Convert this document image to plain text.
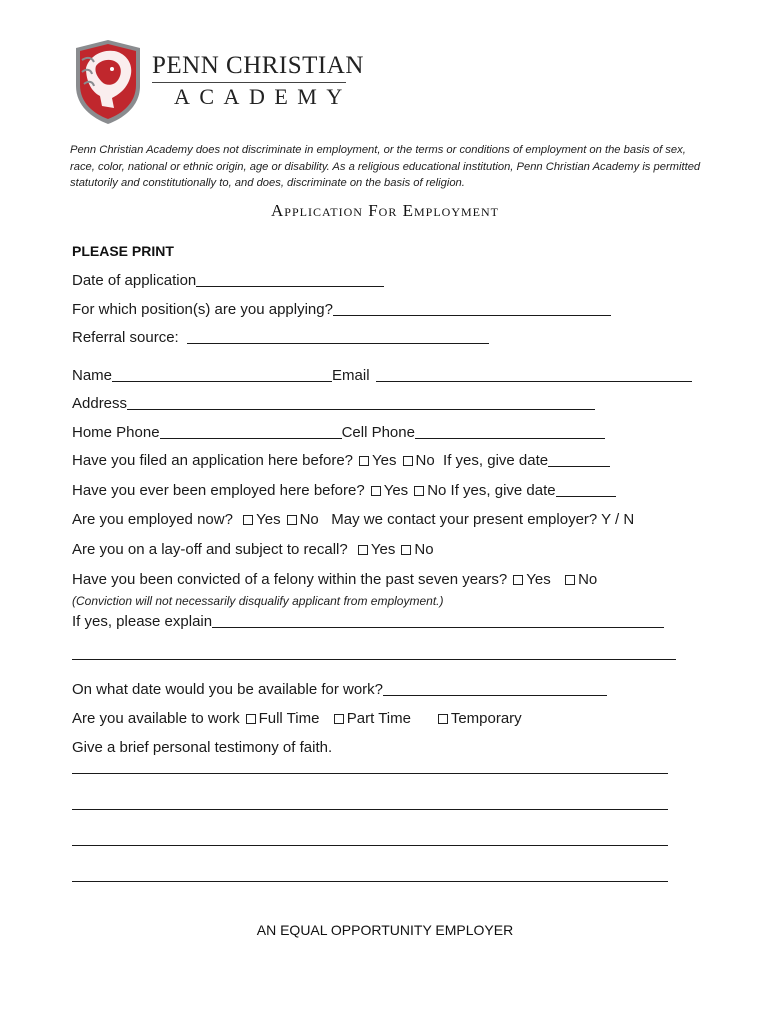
PENN CHRISTIAN
ACADEMY
Penn Christian Academy does not discriminate in employment, or the terms or conditions of employment on the basis of sex, race, color, national or ethnic origin, age or disability. As a religious educational institution, Penn Christian Academy is permitted statutorily and constitutionally to, and does, discriminate on the basis of religion.
Application For Employment
PLEASE PRINT
Date of application
For which position(s) are you applying?
Referral source:
Name	Email
Address
Home Phone	Cell Phone
Have you filed an application here before? Yes No If yes, give date
Have you ever been employed here before? Yes No If yes, give date
Are you employed now? Yes No May we contact your present employer? Y / N
Are you on a lay-off and subject to recall? Yes No
Have you been convicted of a felony within the past seven years? Yes No
(Conviction will not necessarily disqualify applicant from employment.)
If yes, please explain
On what date would you be available for work?
Are you available to work Full Time Part Time	Temporary
Give a brief personal testimony of faith.
AN EQUAL OPPORTUNITY EMPLOYER
